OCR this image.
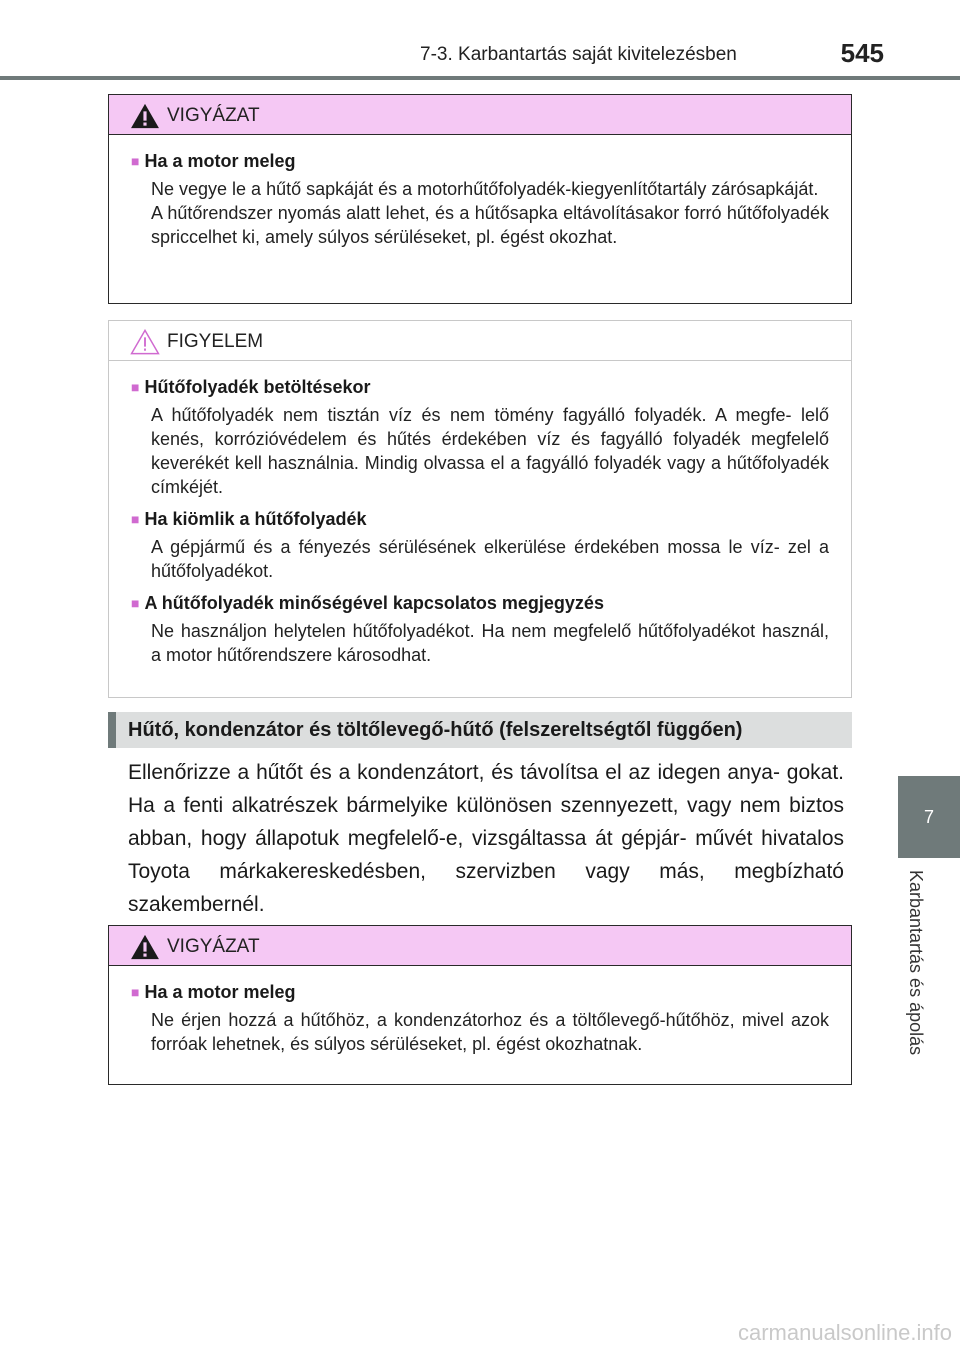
7-3. Karbantartás saját kivitelezésben	545
7
Karbantartás és ápolás
VIGYÁZAT
■ Ha a motor meleg
Ne vegye le a hűtő sapkáját és a motorhűtőfolyadék-kiegyenlítőtartály zárósapkáját.
A hűtőrendszer nyomás alatt lehet, és a hűtősapka eltávolításakor forró hűtőfolyadék spriccelhet ki, amely súlyos sérüléseket, pl. égést okozhat.
FIGYELEM
■ Hűtőfolyadék betöltésekor
A hűtőfolyadék nem tisztán víz és nem tömény fagyálló folyadék. A megfe- lelő kenés, korrózióvédelem és hűtés érdekében víz és fagyálló folyadék megfelelő keverékét kell használnia. Mindig olvassa el a fagyálló folyadék vagy a hűtőfolyadék címkéjét.
■ Ha kiömlik a hűtőfolyadék
A gépjármű és a fényezés sérülésének elkerülése érdekében mossa le víz- zel a hűtőfolyadékot.
■ A hűtőfolyadék minőségével kapcsolatos megjegyzés
Ne használjon helytelen hűtőfolyadékot. Ha nem megfelelő hűtőfolyadékot használ, a motor hűtőrendszere károsodhat.
Hűtő, kondenzátor és töltőlevegő-hűtő (felszereltségtől függően)
Ellenőrizze a hűtőt és a kondenzátort, és távolítsa el az idegen anya- gokat. Ha a fenti alkatrészek bármelyike különösen szennyezett, vagy nem biztos abban, hogy állapotuk megfelelő-e, vizsgáltassa át gépjár- művét hivatalos Toyota márkakereskedésben, szervizben vagy más, megbízható szakembernél.
VIGYÁZAT
■ Ha a motor meleg
Ne érjen hozzá a hűtőhöz, a kondenzátorhoz és a töltőlevegő-hűtőhöz, mivel azok forróak lehetnek, és súlyos sérüléseket, pl. égést okozhatnak.
carmanualsonline.info
